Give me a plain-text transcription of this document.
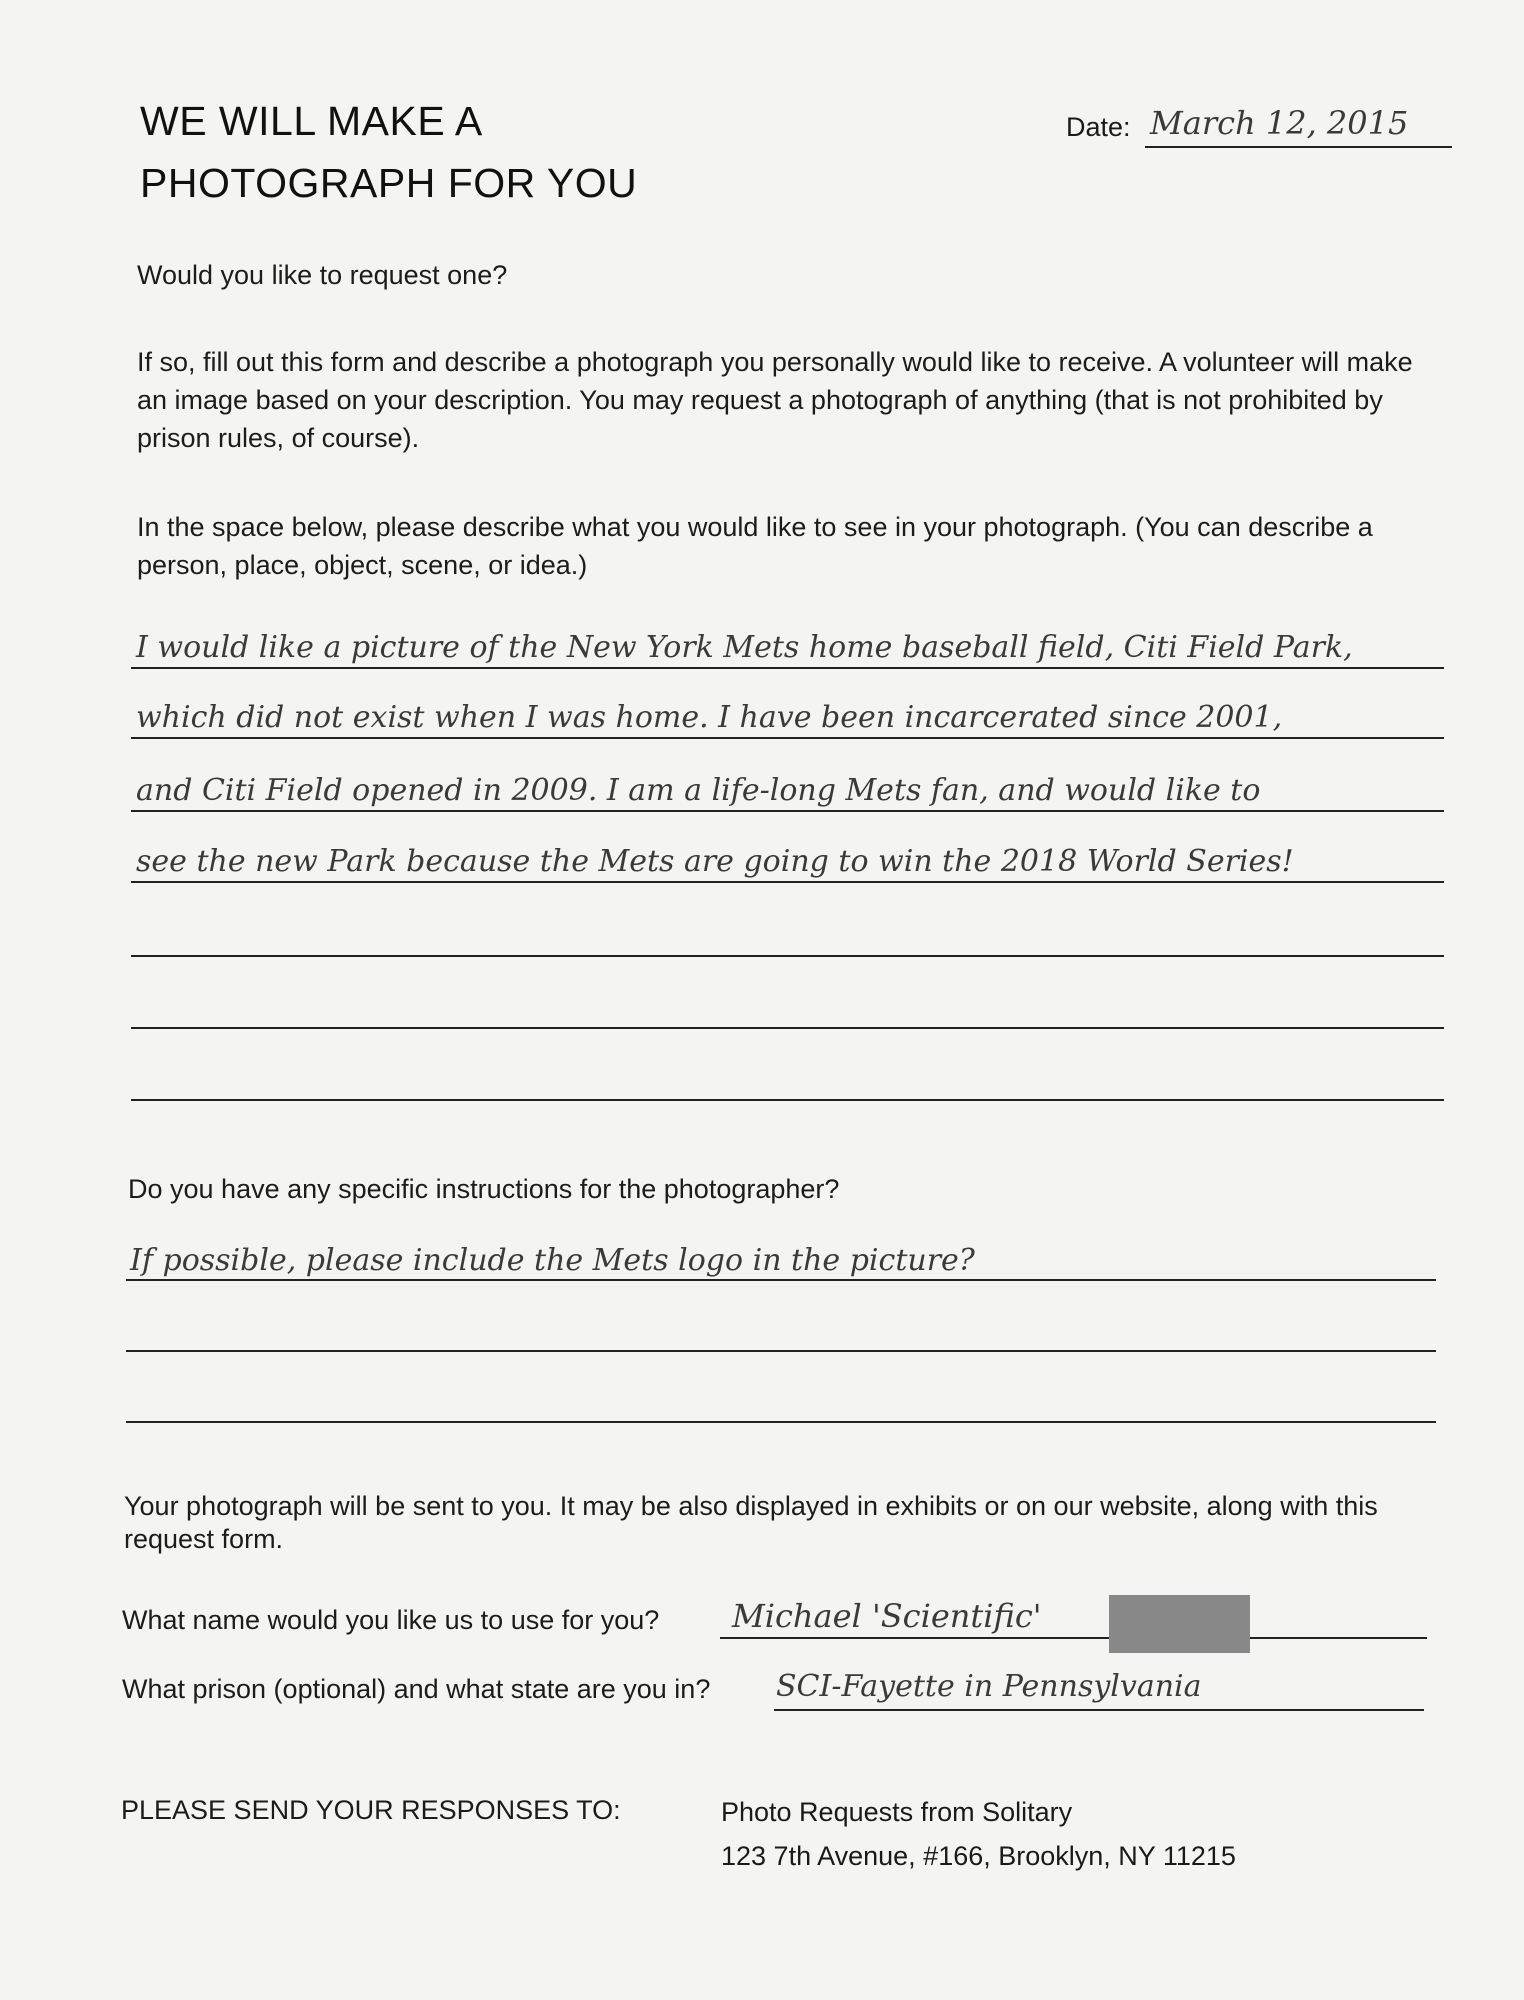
WE WILL MAKE A
PHOTOGRAPH FOR YOU
Date: March 12, 2015
Would you like to request one?
If so, fill out this form and describe a photograph you personally would like to receive. A volunteer will make an image based on your description. You may request a photograph of anything (that is not prohibited by prison rules, of course).
In the space below, please describe what you would like to see in your photograph. (You can describe a person, place, object, scene, or idea.)
I would like a picture of the New York Mets home baseball field, Citi Field Park,
which did not exist when I was home. I have been incarcerated since 2001,
and Citi Field opened in 2009. I am a life-long Mets fan, and would like to
see the new Park because the Mets are going to win the 2018 World Series!
Do you have any specific instructions for the photographer?
If possible, please include the Mets logo in the picture?
Your photograph will be sent to you. It may be also displayed in exhibits or on our website, along with this request form.
What name would you like us to use for you? Michael 'Scientific'
What prison (optional) and what state are you in? SCI-Fayette in Pennsylvania
PLEASE SEND YOUR RESPONSES TO:	Photo Requests from Solitary
123 7th Avenue, #166, Brooklyn, NY 11215
